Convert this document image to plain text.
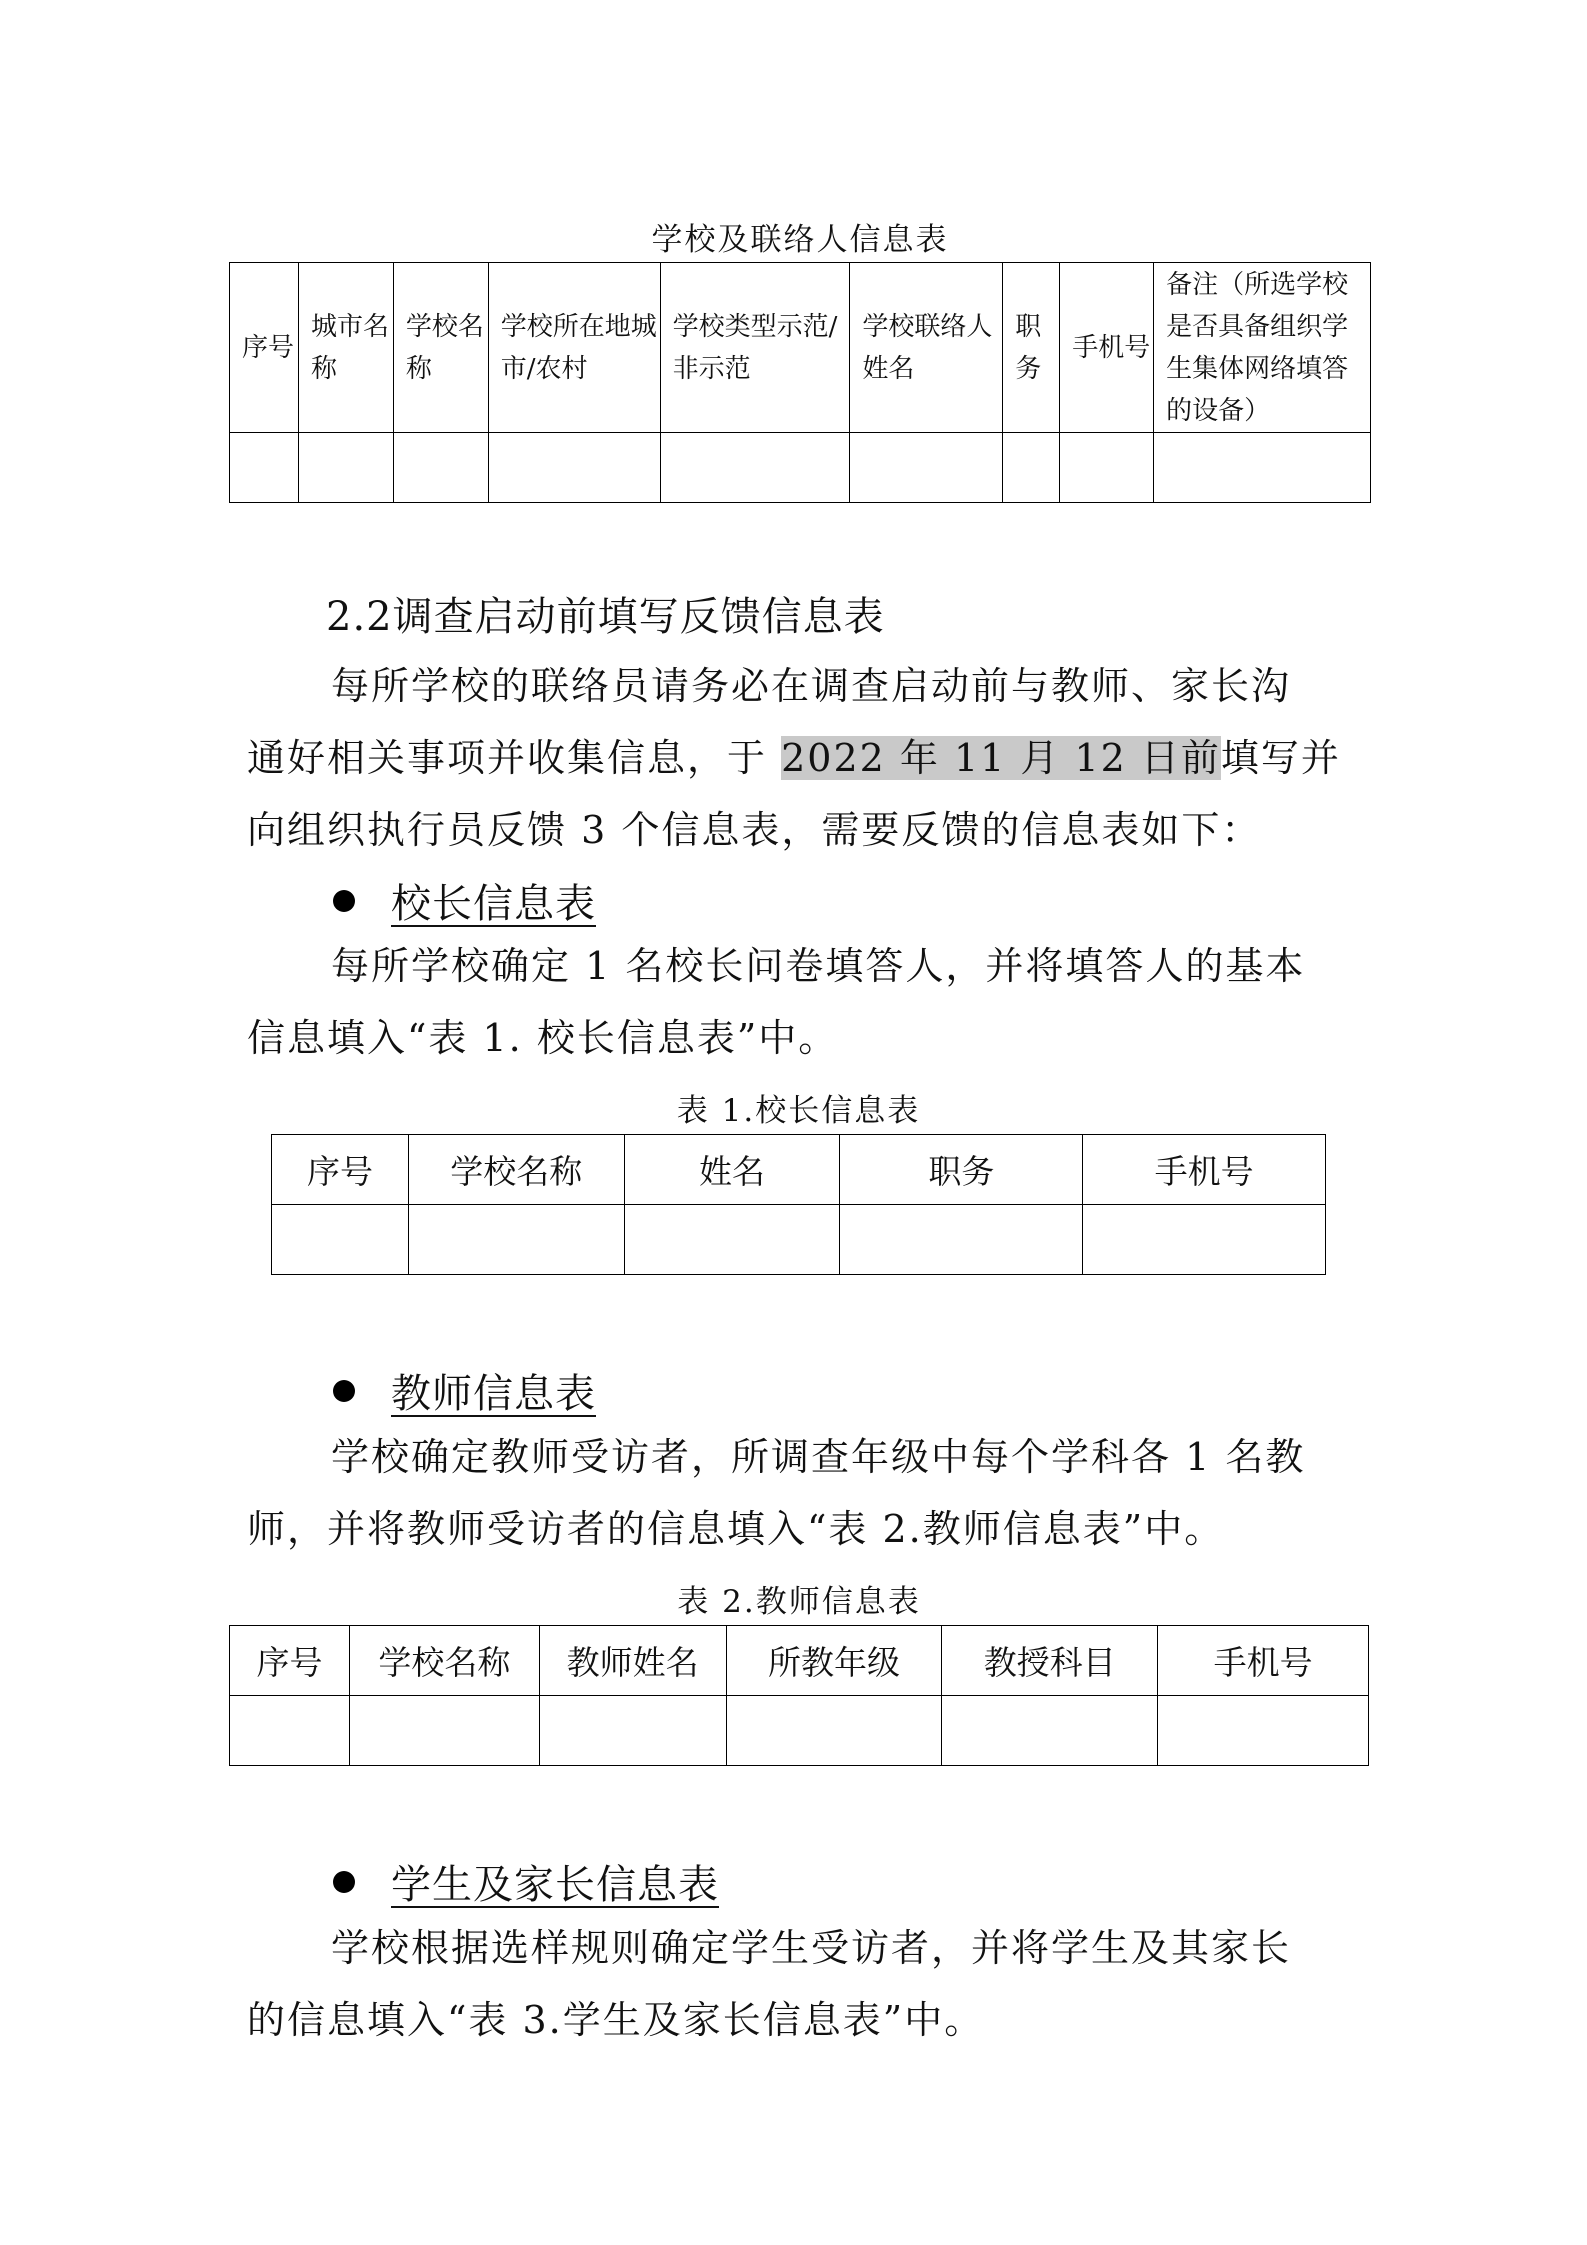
学校及联络人信息表
序号	城市名称	学校名称	学校所在地城市/农村	学校类型示范/非示范	学校联络人姓名	职务	手机号	备注（所选学校是否具备组织学生集体网络填答的设备）

2.2调查启动前填写反馈信息表
每所学校的联络员请务必在调查启动前与教师、家长沟
通好相关事项并收集信息，于 2022 年 11 月 12 日前填写并
向组织执行员反馈 3 个信息表，需要反馈的信息表如下：
校长信息表
每所学校确定 1 名校长问卷填答人，并将填答人的基本
信息填入“表 1. 校长信息表”中。
表 1.校长信息表
序号	学校名称	姓名	职务	手机号

教师信息表
学校确定教师受访者，所调查年级中每个学科各 1 名教
师，并将教师受访者的信息填入“表 2.教师信息表”中。
表 2.教师信息表
序号	学校名称	教师姓名	所教年级	教授科目	手机号

学生及家长信息表
学校根据选样规则确定学生受访者，并将学生及其家长
的信息填入“表 3.学生及家长信息表”中。
